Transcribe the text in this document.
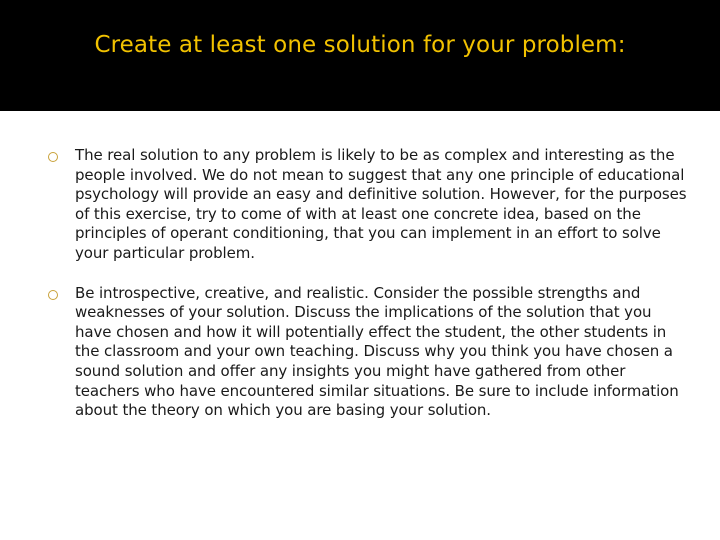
Create at least one solution for your problem:
The real solution to any problem is likely to be as complex and interesting as the people involved. We do not mean to suggest that any one principle of educational psychology will provide an easy and definitive solution. However, for the purposes of this exercise, try to come of with at least one concrete idea, based on the principles of operant conditioning, that you can implement in an effort to solve your particular problem.
Be introspective, creative, and realistic. Consider the possible strengths and weaknesses of your solution. Discuss the implications of the solution that you have chosen and how it will potentially effect the student, the other students in the classroom and your own teaching. Discuss why you think you have chosen a sound solution and offer any insights you might have gathered from other teachers who have encountered similar situations. Be sure to include information about the theory on which you are basing your solution.
